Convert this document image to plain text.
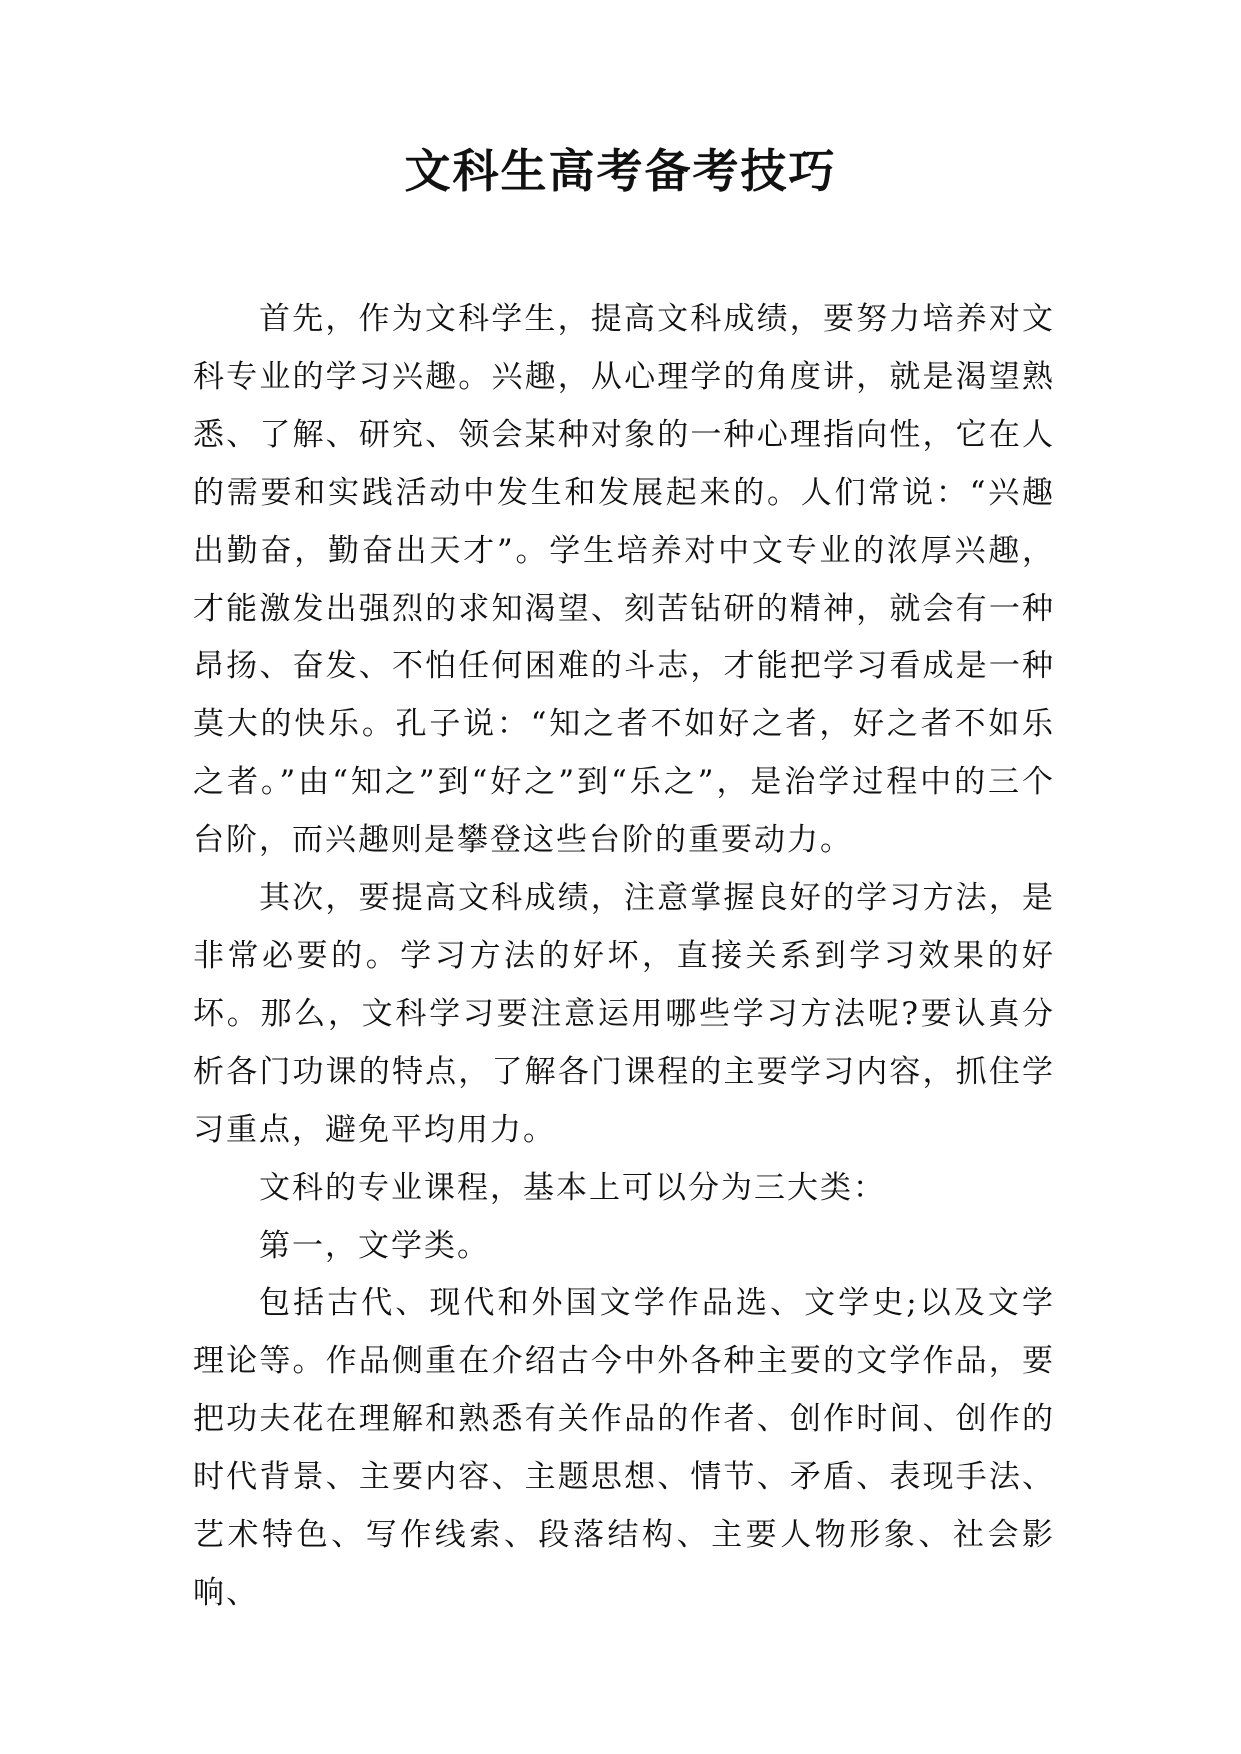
文科生高考备考技巧

首先，作为文科学生，提高文科成绩，要努力培养对文科专业的学习兴趣。兴趣，从心理学的角度讲，就是渴望熟悉、了解、研究、领会某种对象的一种心理指向性，它在人的需要和实践活动中发生和发展起来的。人们常说：“兴趣出勤奋，勤奋出天才”。学生培养对中文专业的浓厚兴趣，才能激发出强烈的求知渴望、刻苦钻研的精神，就会有一种昂扬、奋发、不怕任何困难的斗志，才能把学习看成是一种莫大的快乐。孔子说：“知之者不如好之者，好之者不如乐之者。”由“知之”到“好之”到“乐之”，是治学过程中的三个台阶，而兴趣则是攀登这些台阶的重要动力。

其次，要提高文科成绩，注意掌握良好的学习方法，是非常必要的。学习方法的好坏，直接关系到学习效果的好坏。那么，文科学习要注意运用哪些学习方法呢?要认真分析各门功课的特点，了解各门课程的主要学习内容，抓住学习重点，避免平均用力。

文科的专业课程，基本上可以分为三大类：

第一，文学类。

包括古代、现代和外国文学作品选、文学史;以及文学理论等。作品侧重在介绍古今中外各种主要的文学作品，要把功夫花在理解和熟悉有关作品的作者、创作时间、创作的时代背景、主要内容、主题思想、情节、矛盾、表现手法、艺术特色、写作线索、段落结构、主要人物形象、社会影响、
